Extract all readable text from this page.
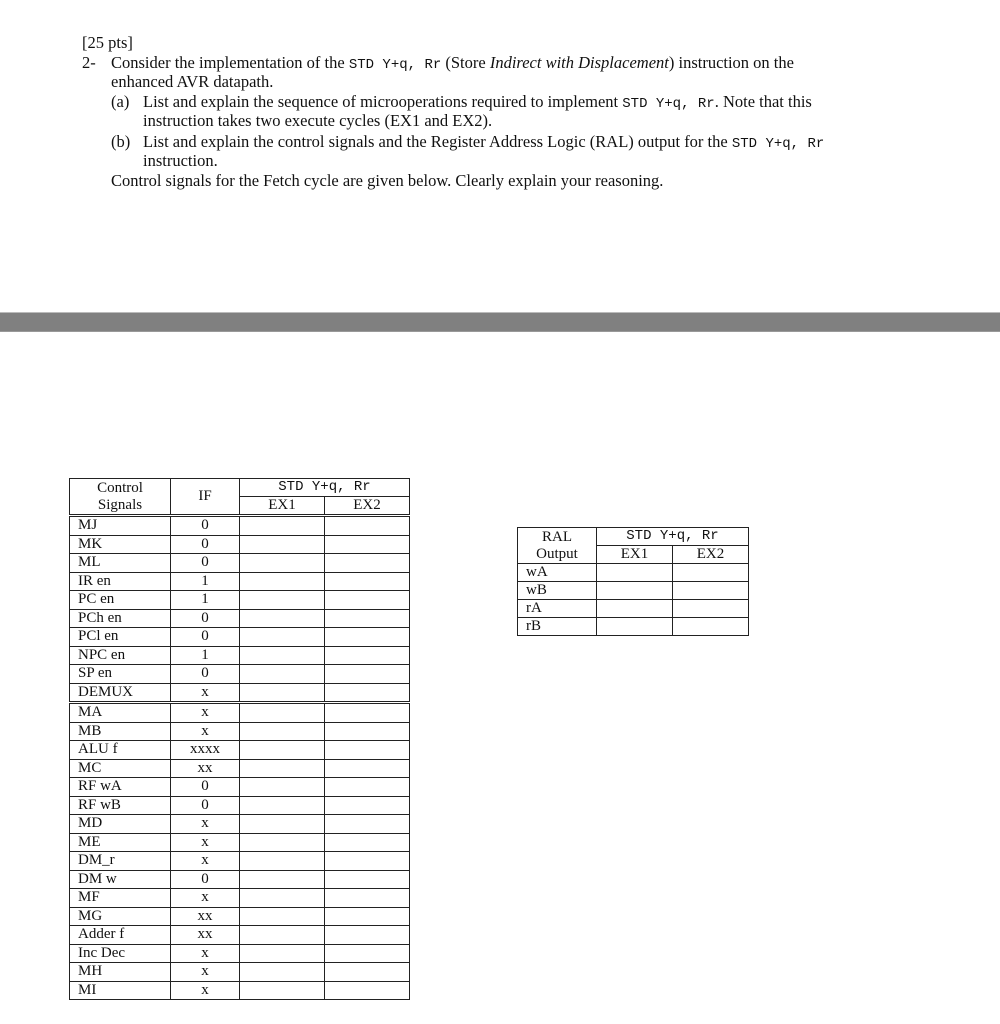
[25 pts]
2- Consider the implementation of the STD Y+q, Rr (Store Indirect with Displacement) instruction on the
enhanced AVR datapath.
(a) List and explain the sequence of microoperations required to implement STD Y+q, Rr. Note that this
instruction takes two execute cycles (EX1 and EX2).
(b) List and explain the control signals and the Register Address Logic (RAL) output for the STD Y+q, Rr
instruction.
Control signals for the Fetch cycle are given below. Clearly explain your reasoning.
Control
Signals	IF	STD Y+q, Rr	
		EX1	EX2
MJ	0		
MK	0		
ML	0		
IR en	1		
PC en	1		
PCh en	0		
PCl en	0		
NPC en	1		
SP en	0		
DEMUX	x		
MA	x		
MB	x		
ALU f	xxxx		
MC	xx		
RF wA	0		
RF wB	0		
MD	x		
ME	x		
DM_r	x		
DM w	0		
MF	x		
MG	xx		
Adder f	xx		
Inc Dec	x		
MH	x		
MI	x		
RAL
Output	STD Y+q, Rr	
	EX1	EX2
wA		
wB		
rA		
rB		
